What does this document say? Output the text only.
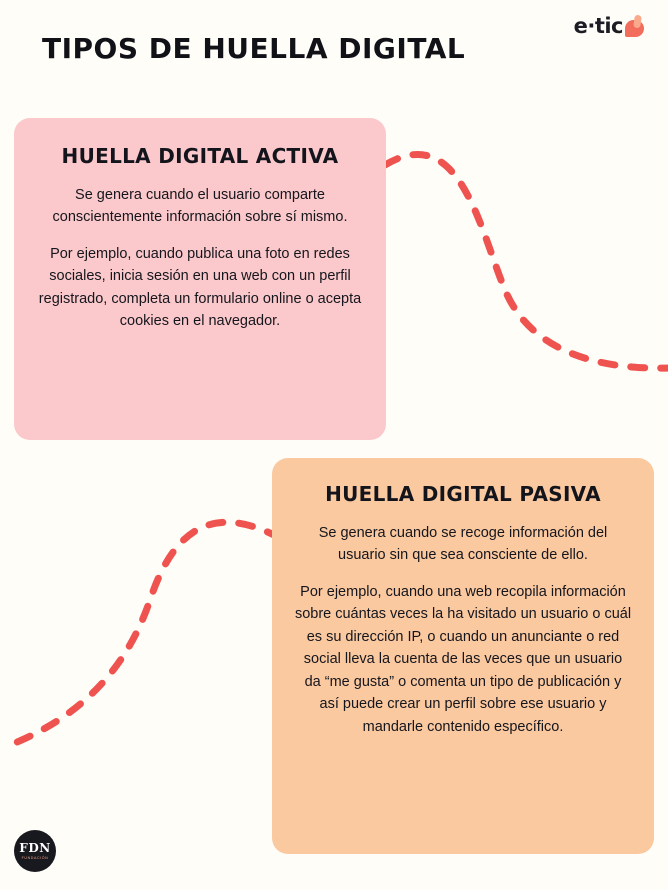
TIPOS DE HUELLA DIGITAL
e·tic
HUELLA DIGITAL ACTIVA

Se genera cuando el usuario comparte conscientemente información sobre sí mismo.

Por ejemplo, cuando publica una foto en redes sociales, inicia sesión en una web con un perfil registrado, completa un formulario online o acepta cookies en el navegador.

HUELLA DIGITAL PASIVA

Se genera cuando se recoge información del usuario sin que sea consciente de ello.

Por ejemplo, cuando una web recopila información sobre cuántas veces la ha visitado un usuario o cuál es su dirección IP, o cuando un anunciante o red social lleva la cuenta de las veces que un usuario da “me gusta” o comenta un tipo de publicación y así puede crear un perfil sobre ese usuario y mandarle contenido específico.

FDN
FUNDACIÓN
